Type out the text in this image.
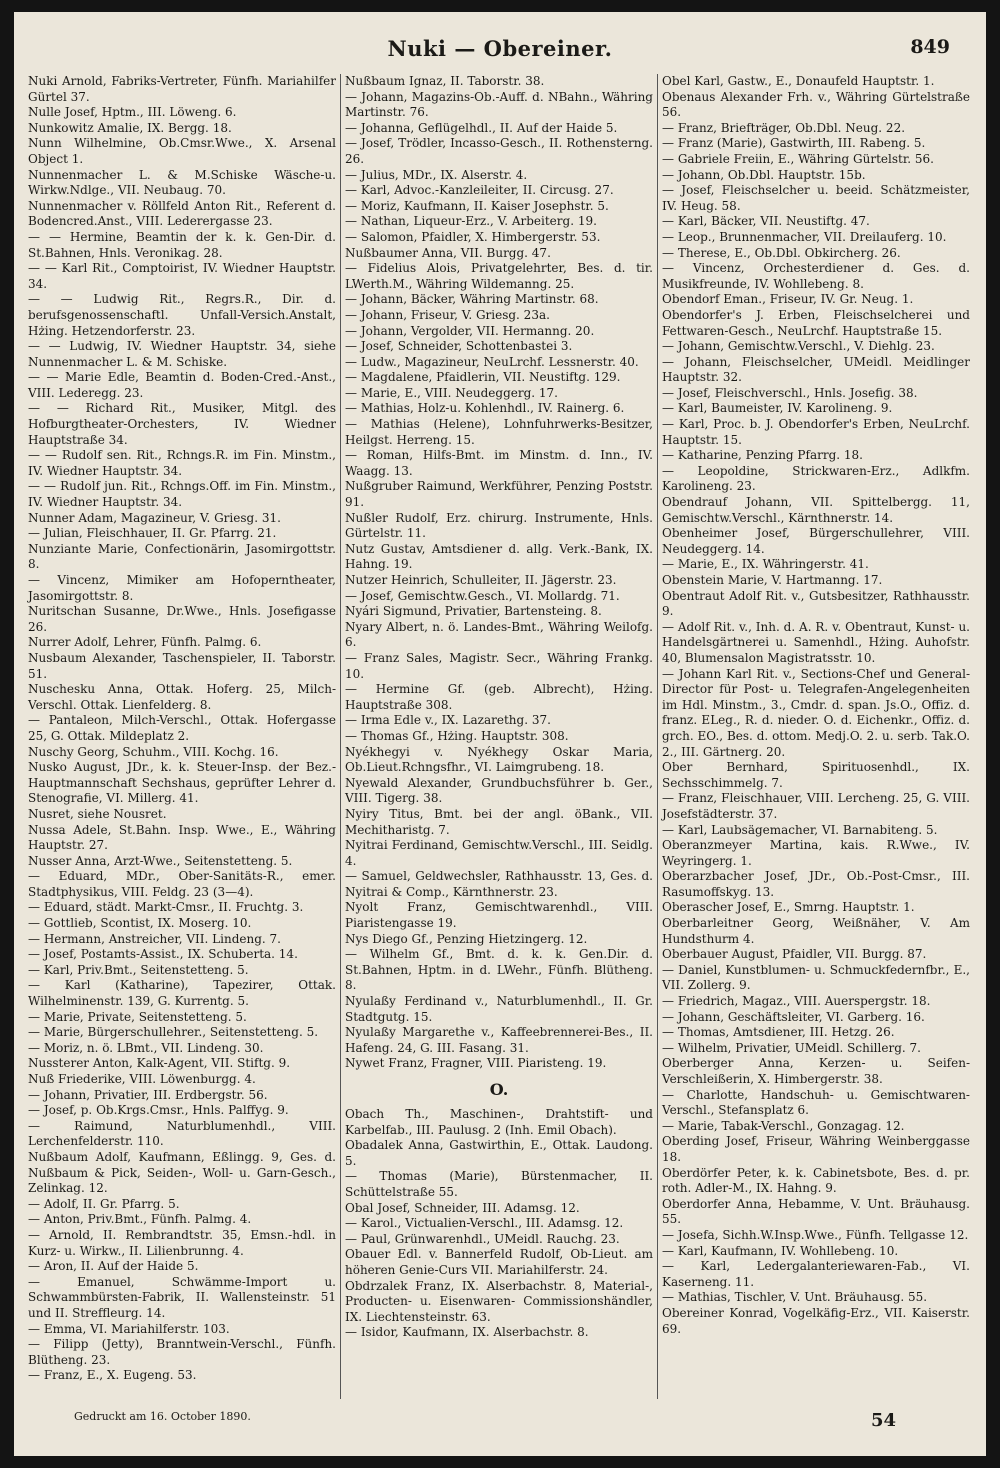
Nuki — Obereiner.	849

Nuki Arnold, Fabriks-Vertreter, Fünfh. Mariahilfer Gürtel 37.

Nulle Josef, Hptm., III. Löweng. 6.

Nunkowitz Amalie, IX. Bergg. 18.

Nunn Wilhelmine, Ob.Cmsr.Wwe., X. Arsenal Object 1.

Nunnenmacher L. & M.Schiske Wäsche-u. Wirkw.Ndlge., VII. Neubaug. 70.

Nunnenmacher v. Röllfeld Anton Rit., Referent d. Bodencred.Anst., VIII. Lederergasse 23.

— — Hermine, Beamtin der k. k. Gen-Dir. d. St.Bahnen, Hnls. Veronikag. 28.

— — Karl Rit., Comptoirist, IV. Wiedner Hauptstr. 34.

— — Ludwig Rit., Regrs.R., Dir. d. berufsgenossenschaftl. Unfall-Versich.Anstalt, Hżing. Hetzendorferstr. 23.

— — Ludwig, IV. Wiedner Hauptstr. 34, siehe Nunnenmacher L. & M. Schiske.

— — Marie Edle, Beamtin d. Boden-Cred.-Anst., VIII. Lederegg. 23.

— — Richard Rit., Musiker, Mitgl. des Hofburgtheater-Orchesters, IV. Wiedner Hauptstraße 34.

— — Rudolf sen. Rit., Rchngs.R. im Fin. Minstm., IV. Wiedner Hauptstr. 34.

— — Rudolf jun. Rit., Rchngs.Off. im Fin. Minstm., IV. Wiedner Hauptstr. 34.

Nunner Adam, Magazineur, V. Griesg. 31.

— Julian, Fleischhauer, II. Gr. Pfarrg. 21.

Nunziante Marie, Confectionärin, Jasomirgottstr. 8.

— Vincenz, Mimiker am Hofoperntheater, Jasomirgottstr. 8.

Nuritschan Susanne, Dr.Wwe., Hnls. Josefigasse 26.

Nurrer Adolf, Lehrer, Fünfh. Palmg. 6.

Nusbaum Alexander, Taschenspieler, II. Taborstr. 51.

Nuschesku Anna, Ottak. Hoferg. 25, Milch-Verschl. Ottak. Lienfelderg. 8.

— Pantaleon, Milch-Verschl., Ottak. Hofergasse 25, G. Ottak. Mildeplatz 2.

Nuschy Georg, Schuhm., VIII. Kochg. 16.

Nusko August, JDr., k. k. Steuer-Insp. der Bez.-Hauptmannschaft Sechshaus, geprüfter Lehrer d. Stenografie, VI. Millerg. 41.

Nusret, siehe Nousret.

Nussa Adele, St.Bahn. Insp. Wwe., E., Währing Hauptstr. 27.

Nusser Anna, Arzt-Wwe., Seitenstetteng. 5.

— Eduard, MDr., Ober-Sanitäts-R., emer. Stadtphysikus, VIII. Feldg. 23 (3—4).

— Eduard, städt. Markt-Cmsr., II. Fruchtg. 3.

— Gottlieb, Scontist, IX. Moserg. 10.

— Hermann, Anstreicher, VII. Lindeng. 7.

— Josef, Postamts-Assist., IX. Schuberta. 14.

— Karl, Priv.Bmt., Seitenstetteng. 5.

— Karl (Katharine), Tapezirer, Ottak. Wilhelminenstr. 139, G. Kurrentg. 5.

— Marie, Private, Seitenstetteng. 5.

— Marie, Bürgerschullehrer., Seitenstetteng. 5.

— Moriz, n. ö. LBmt., VII. Lindeng. 30.

Nussterer Anton, Kalk-Agent, VII. Stiftg. 9.

Nuß Friederike, VIII. Löwenburgg. 4.

— Johann, Privatier, III. Erdbergstr. 56.

— Josef, p. Ob.Krgs.Cmsr., Hnls. Palffyg. 9.

— Raimund, Naturblumenhdl., VIII. Lerchenfelderstr. 110.

Nußbaum Adolf, Kaufmann, Eßlingg. 9, Ges. d. Nußbaum & Pick, Seiden-, Woll- u. Garn-Gesch., Zelinkag. 12.

— Adolf, II. Gr. Pfarrg. 5.

— Anton, Priv.Bmt., Fünfh. Palmg. 4.

— Arnold, II. Rembrandtstr. 35, Emsn.-hdl. in Kurz- u. Wirkw., II. Lilienbrunng. 4.

— Aron, II. Auf der Haide 5.

— Emanuel, Schwämme-Import u. Schwammbürsten-Fabrik, II. Wallensteinstr. 51 und II. Streffleurg. 14.

— Emma, VI. Mariahilferstr. 103.

— Filipp (Jetty), Branntwein-Verschl., Fünfh. Blütheng. 23.

— Franz, E., X. Eugeng. 53.

Nußbaum Ignaz, II. Taborstr. 38.

— Johann, Magazins-Ob.-Auff. d. NBahn., Währing Martinstr. 76.

— Johanna, Geflügelhdl., II. Auf der Haide 5.

— Josef, Trödler, Incasso-Gesch., II. Rothensterng. 26.

— Julius, MDr., IX. Alserstr. 4.

— Karl, Advoc.-Kanzleileiter, II. Circusg. 27.

— Moriz, Kaufmann, II. Kaiser Josephstr. 5.

— Nathan, Liqueur-Erz., V. Arbeiterg. 19.

— Salomon, Pfaidler, X. Himbergerstr. 53.

Nußbaumer Anna, VII. Burgg. 47.

— Fidelius Alois, Privatgelehrter, Bes. d. tir. LWerth.M., Währing Wildemanng. 25.

— Johann, Bäcker, Währing Martinstr. 68.

— Johann, Friseur, V. Griesg. 23a.

— Johann, Vergolder, VII. Hermanng. 20.

— Josef, Schneider, Schottenbastei 3.

— Ludw., Magazineur, NeuLrchf. Lessnerstr. 40.

— Magdalene, Pfaidlerin, VII. Neustiftg. 129.

— Marie, E., VIII. Neudeggerg. 17.

— Mathias, Holz-u. Kohlenhdl., IV. Rainerg. 6.

— Mathias (Helene), Lohnfuhrwerks-Besitzer, Heilgst. Herreng. 15.

— Roman, Hilfs-Bmt. im Minstm. d. Inn., IV. Waagg. 13.

Nußgruber Raimund, Werkführer, Penzing Poststr. 91.

Nußler Rudolf, Erz. chirurg. Instrumente, Hnls. Gürtelstr. 11.

Nutz Gustav, Amtsdiener d. allg. Verk.-Bank, IX. Hahng. 19.

Nutzer Heinrich, Schulleiter, II. Jägerstr. 23.

— Josef, Gemischtw.Gesch., VI. Mollardg. 71.

Nyári Sigmund, Privatier, Bartensteing. 8.

Nyary Albert, n. ö. Landes-Bmt., Währing Weilofg. 6.

— Franz Sales, Magistr. Secr., Währing Frankg. 10.

— Hermine Gf. (geb. Albrecht), Hżing. Hauptstraße 308.

— Irma Edle v., IX. Lazarethg. 37.

— Thomas Gf., Hżing. Hauptstr. 308.

Nyékhegyi v. Nyékhegy Oskar Maria, Ob.Lieut.Rchngsfhr., VI. Laimgrubeng. 18.

Nyewald Alexander, Grundbuchsführer b. Ger., VIII. Tigerg. 38.

Nyiry Titus, Bmt. bei der angl. öBank., VII. Mechitharistg. 7.

Nyitrai Ferdinand, Gemischtw.Verschl., III. Seidlg. 4.

— Samuel, Geldwechsler, Rathhausstr. 13, Ges. d. Nyitrai & Comp., Kärnthnerstr. 23.

Nyolt Franz, Gemischtwarenhdl., VIII. Piaristengasse 19.

Nys Diego Gf., Penzing Hietzingerg. 12.

— Wilhelm Gf., Bmt. d. k. k. Gen.Dir. d. St.Bahnen, Hptm. in d. LWehr., Fünfh. Blütheng. 8.

Nyulaßy Ferdinand v., Naturblumenhdl., II. Gr. Stadtgutg. 15.

Nyulaßy Margarethe v., Kaffeebrennerei-Bes., II. Hafeng. 24, G. III. Fasang. 31.

Nywet Franz, Fragner, VIII. Piaristeng. 19.

O.

Obach Th., Maschinen-, Drahtstift- und Karbelfab., III. Paulusg. 2 (Inh. Emil Obach).

Obadalek Anna, Gastwirthin, E., Ottak. Laudong. 5.

— Thomas (Marie), Bürstenmacher, II. Schüttelstraße 55.

Obal Josef, Schneider, III. Adamsg. 12.

— Karol., Victualien-Verschl., III. Adamsg. 12.

— Paul, Grünwarenhdl., UMeidl. Rauchg. 23.

Obauer Edl. v. Bannerfeld Rudolf, Ob-Lieut. am höheren Genie-Curs VII. Mariahilferstr. 24.

Obdrzalek Franz, IX. Alserbachstr. 8, Material-, Producten- u. Eisenwaren- Commissionshändler, IX. Liechtensteinstr. 63.

— Isidor, Kaufmann, IX. Alserbachstr. 8.

Obel Karl, Gastw., E., Donaufeld Hauptstr. 1.

Obenaus Alexander Frh. v., Währing Gürtelstraße 56.

— Franz, Briefträger, Ob.Dbl. Neug. 22.

— Franz (Marie), Gastwirth, III. Rabeng. 5.

— Gabriele Freiin, E., Währing Gürtelstr. 56.

— Johann, Ob.Dbl. Hauptstr. 15b.

— Josef, Fleischselcher u. beeid. Schätzmeister, IV. Heug. 58.

— Karl, Bäcker, VII. Neustiftg. 47.

— Leop., Brunnenmacher, VII. Dreilauferg. 10.

— Therese, E., Ob.Dbl. Obkircherg. 26.

— Vincenz, Orchesterdiener d. Ges. d. Musikfreunde, IV. Wohllebeng. 8.

Obendorf Eman., Friseur, IV. Gr. Neug. 1.

Obendorfer's J. Erben, Fleischselcherei und Fettwaren-Gesch., NeuLrchf. Hauptstraße 15.

— Johann, Gemischtw.Verschl., V. Diehlg. 23.

— Johann, Fleischselcher, UMeidl. Meidlinger Hauptstr. 32.

— Josef, Fleischverschl., Hnls. Josefig. 38.

— Karl, Baumeister, IV. Karolineng. 9.

— Karl, Proc. b. J. Obendorfer's Erben, NeuLrchf. Hauptstr. 15.

— Katharine, Penzing Pfarrg. 18.

— Leopoldine, Strickwaren-Erz., Adlkfm. Karolineng. 23.

Obendrauf Johann, VII. Spittelbergg. 11, Gemischtw.Verschl., Kärnthnerstr. 14.

Obenheimer Josef, Bürgerschullehrer, VIII. Neudeggerg. 14.

— Marie, E., IX. Währingerstr. 41.

Obenstein Marie, V. Hartmanng. 17.

Obentraut Adolf Rit. v., Gutsbesitzer, Rathhausstr. 9.

— Adolf Rit. v., Inh. d. A. R. v. Obentraut, Kunst- u. Handelsgärtnerei u. Samenhdl., Hżing. Auhofstr. 40, Blumensalon Magistratsstr. 10.

— Johann Karl Rit. v., Sections-Chef und General-Director für Post- u. Telegrafen-Angelegenheiten im Hdl. Minstm., 3., Cmdr. d. span. Js.O., Offiz. d. franz. ELeg., R. d. nieder. O. d. Eichenkr., Offiz. d. grch. EO., Bes. d. ottom. Medj.O. 2. u. serb. Tak.O. 2., III. Gärtnerg. 20.

Ober Bernhard, Spirituosenhdl., IX. Sechsschimmelg. 7.

— Franz, Fleischhauer, VIII. Lercheng. 25, G. VIII. Josefstädterstr. 37.

— Karl, Laubsägemacher, VI. Barnabiteng. 5.

Oberanzmeyer Martina, kais. R.Wwe., IV. Weyringerg. 1.

Oberarzbacher Josef, JDr., Ob.-Post-Cmsr., III. Rasumoffskyg. 13.

Oberascher Josef, E., Smrng. Hauptstr. 1.

Oberbarleitner Georg, Weißnäher, V. Am Hundsthurm 4.

Oberbauer August, Pfaidler, VII. Burgg. 87.

— Daniel, Kunstblumen- u. Schmuckfedernfbr., E., VII. Zollerg. 9.

— Friedrich, Magaz., VIII. Auerspergstr. 18.

— Johann, Geschäftsleiter, VI. Garberg. 16.

— Thomas, Amtsdiener, III. Hetzg. 26.

— Wilhelm, Privatier, UMeidl. Schillerg. 7.

Oberberger Anna, Kerzen- u. Seifen-Verschleißerin, X. Himbergerstr. 38.

— Charlotte, Handschuh- u. Gemischtwaren-Verschl., Stefansplatz 6.

— Marie, Tabak-Verschl., Gonzagag. 12.

Oberding Josef, Friseur, Währing Weinberggasse 18.

Oberdörfer Peter, k. k. Cabinetsbote, Bes. d. pr. roth. Adler-M., IX. Hahng. 9.

Oberdorfer Anna, Hebamme, V. Unt. Bräuhausg. 55.

— Josefa, Sichh.W.Insp.Wwe., Fünfh. Tellgasse 12.

— Karl, Kaufmann, IV. Wohllebeng. 10.

— Karl, Ledergalanteriewaren-Fab., VI. Kaserneng. 11.

— Mathias, Tischler, V. Unt. Bräuhausg. 55.

Obereiner Konrad, Vogelkäfig-Erz., VII. Kaiserstr. 69.

Gedruckt am 16. October 1890.	54
